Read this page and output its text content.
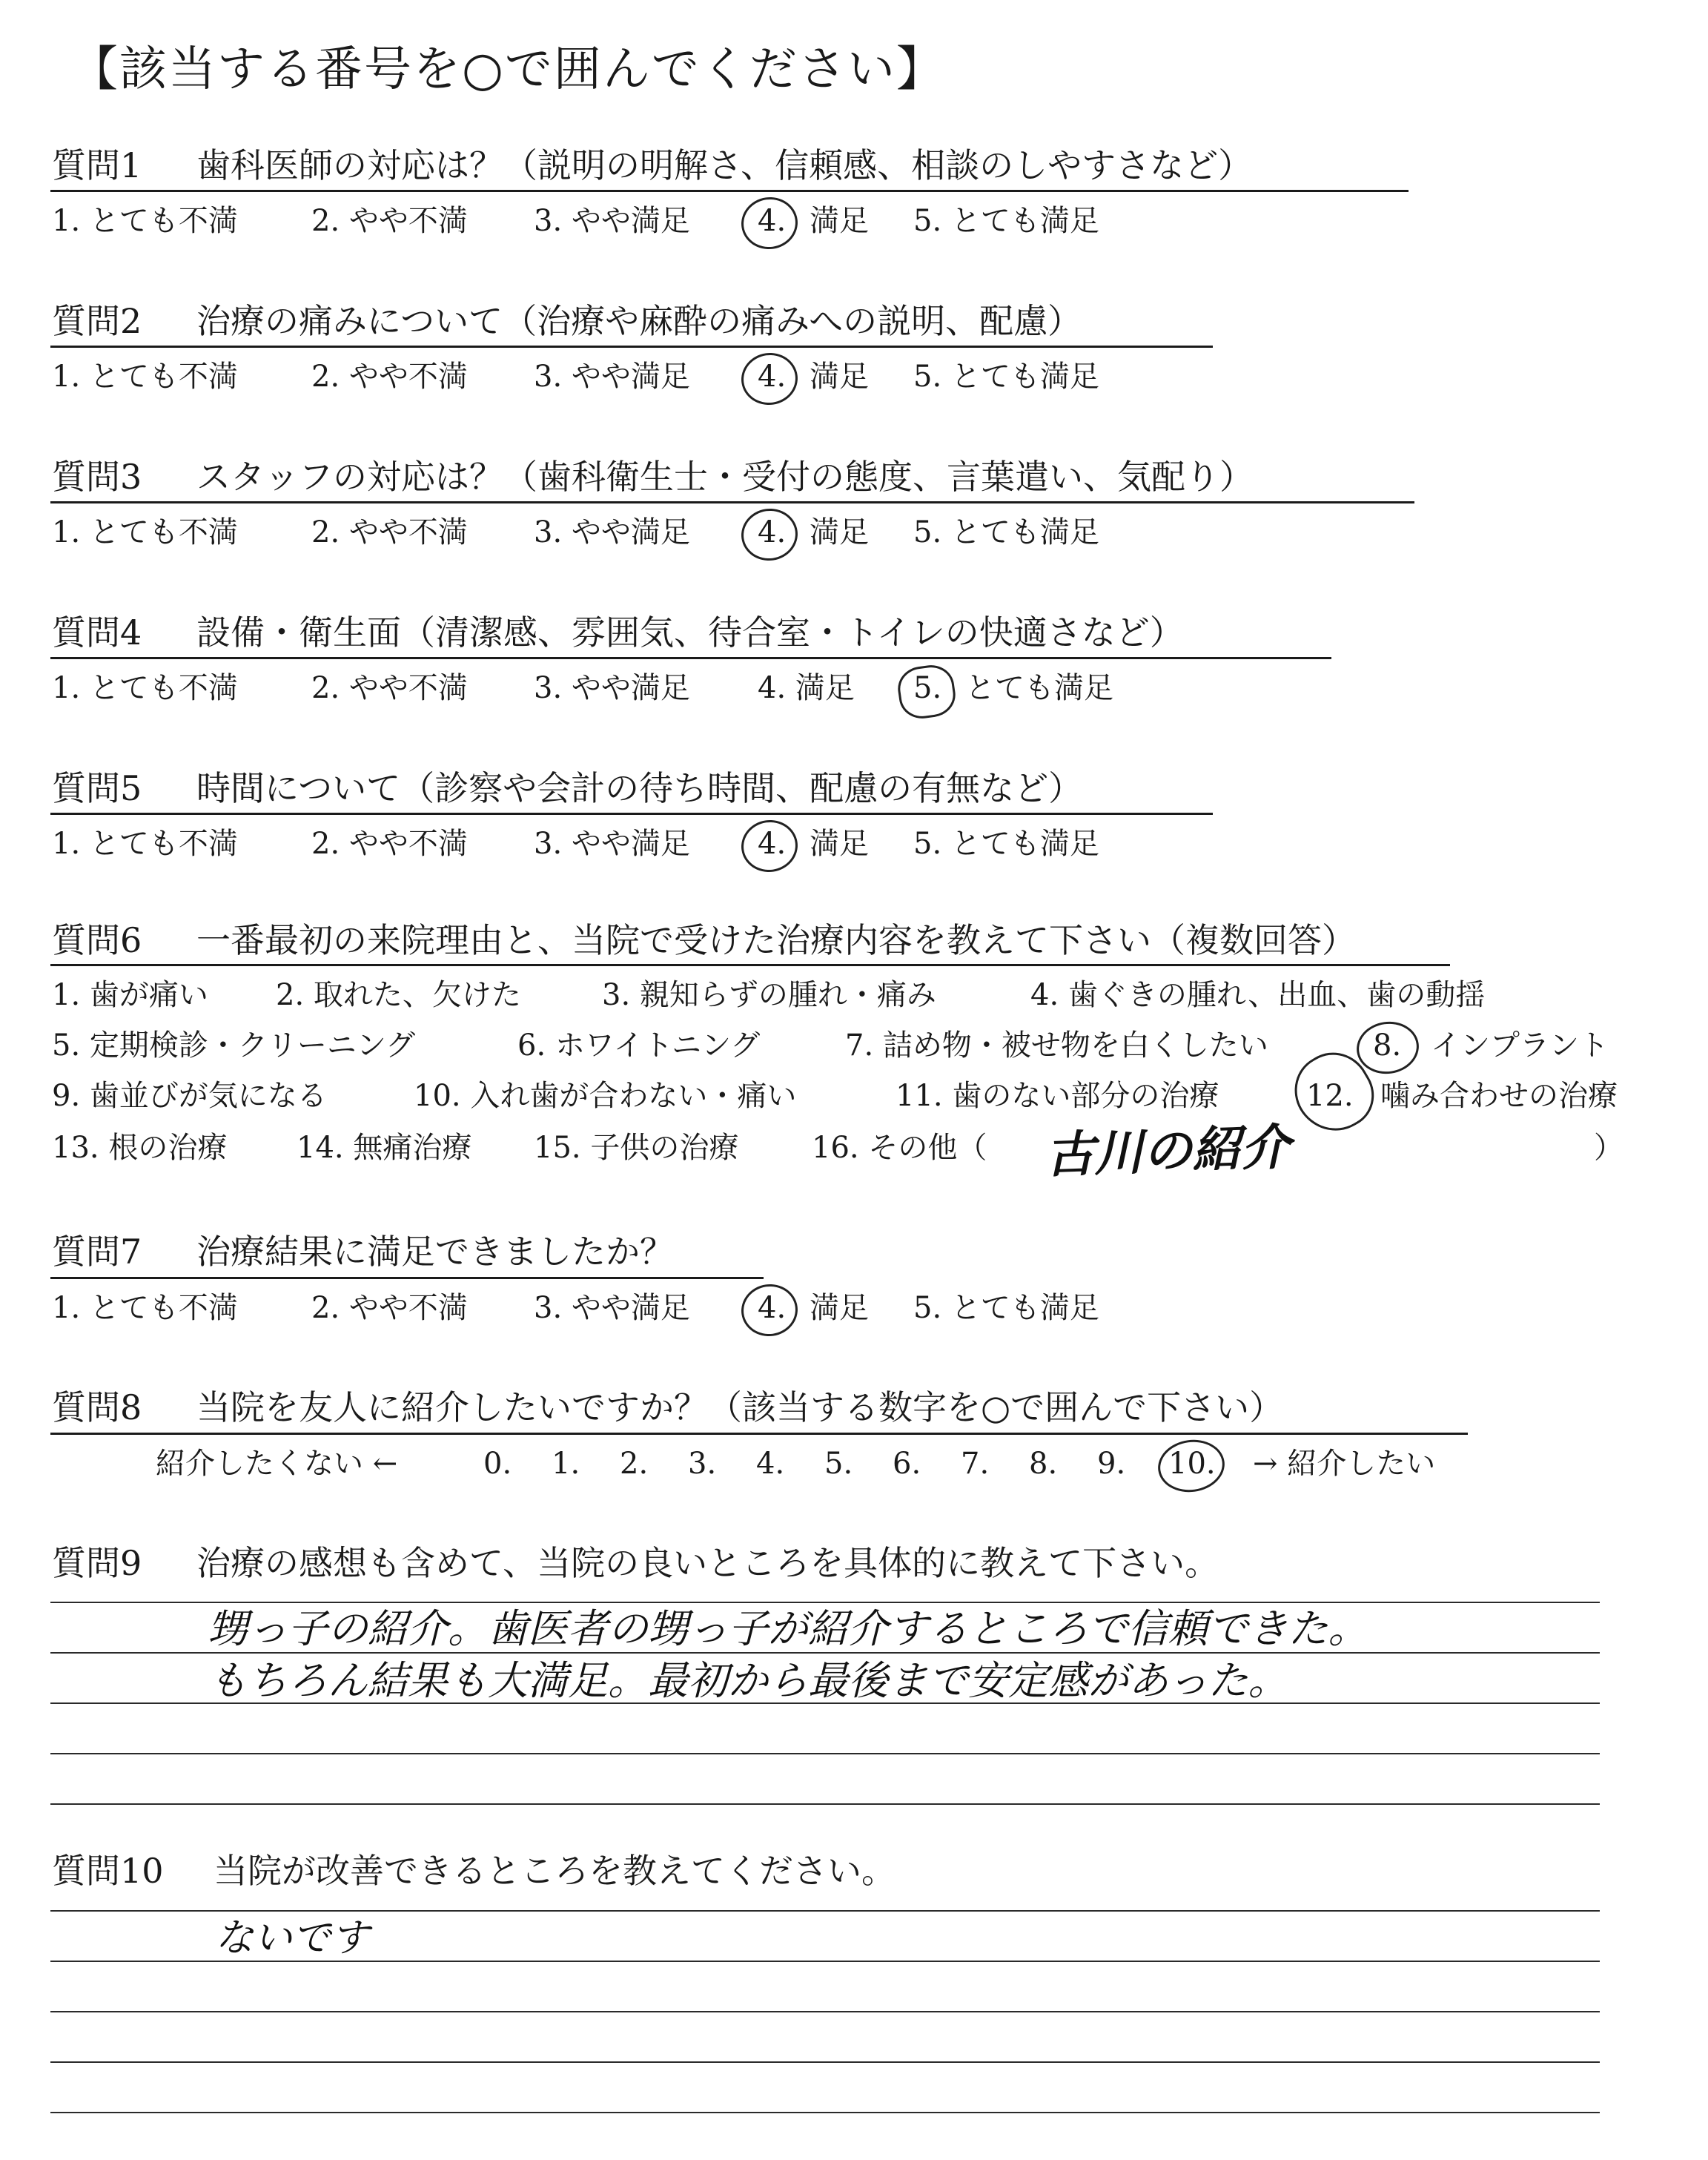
【該当する番号を○で囲んでください】
質問1 歯科医師の対応は？（説明の明解さ、信頼感、相談のしやすさなど）
1. とても不満 2. やや不満 3. やや満足 4. 満足 5. とても満足
質問2 治療の痛みについて（治療や麻酔の痛みへの説明、配慮）
1. とても不満 2. やや不満 3. やや満足 4. 満足 5. とても満足
質問3 スタッフの対応は？（歯科衛生士・受付の態度、言葉遣い、気配り）
1. とても不満 2. やや不満 3. やや満足 4. 満足 5. とても満足
質問4 設備・衛生面（清潔感、雰囲気、待合室・トイレの快適さなど）
1. とても不満 2. やや不満 3. やや満足 4. 満足 5. とても満足
質問5 時間について（診察や会計の待ち時間、配慮の有無など）
1. とても不満 2. やや不満 3. やや満足 4. 満足 5. とても満足
質問6 一番最初の来院理由と、当院で受けた治療内容を教えて下さい（複数回答）
1. 歯が痛い 2. 取れた、欠けた	3. 親知らずの腫れ・痛み	4. 歯ぐきの腫れ、出血、歯の動揺
5. 定期検診・クリーニング	6. ホワイトニング	7. 詰め物・被せ物を白くしたい	8. インプラント
9. 歯並びが気になる	10. 入れ歯が合わない・痛い	11. 歯のない部分の治療	12. 噛み合わせの治療
13. 根の治療 14. 無痛治療 15. 子供の治療 16. その他（ 古川の紹介	）
質問7 治療結果に満足できましたか？
1. とても不満 2. やや不満 3. やや満足 4. 満足 5. とても満足
質問8 当院を友人に紹介したいですか？（該当する数字を○で囲んで下さい）
紹介したくない ←	0. 1. 2. 3. 4. 5. 6. 7. 8. 9. 10. → 紹介したい
質問9 治療の感想も含めて、当院の良いところを具体的に教えて下さい。
甥っ子の紹介。歯医者の甥っ子が紹介するところで信頼できた。
もちろん結果も大満足。最初から最後まで安定感があった。
質問10 当院が改善できるところを教えてください。
ないです
